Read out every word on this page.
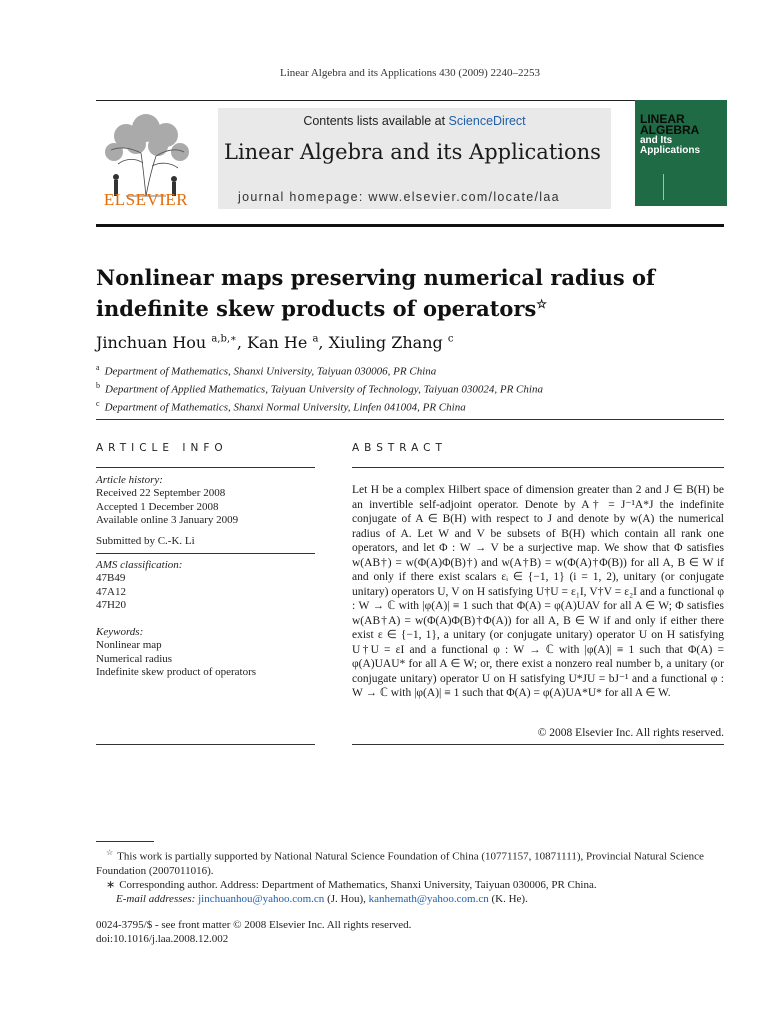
Linear Algebra and its Applications 430 (2009) 2240–2253
ELSEVIER
Contents lists available at ScienceDirect
Linear Algebra and its Applications
journal homepage: www.elsevier.com/locate/laa
LINEAR
ALGEBRA
and Its
Applications
Nonlinear maps preserving numerical radius of indefinite skew products of operators☆
Jinchuan Hou $^{a,b,∗}$, Kan He $^a$, Xiuling Zhang $^c$
$^a$ Department of Mathematics, Shanxi University, Taiyuan 030006, PR China
$^b$ Department of Applied Mathematics, Taiyuan University of Technology, Taiyuan 030024, PR China
$^c$ Department of Mathematics, Shanxi Normal University, Linfen 041004, PR China
ARTICLE INFO	ABSTRACT
Article history:
Received 22 September 2008
Accepted 1 December 2008
Available online 3 January 2009
Submitted by C.-K. Li
AMS classification:
47B49
47A12
47H20
Keywords:
Nonlinear map
Numerical radius
Indefinite skew product of operators
Let H be a complex Hilbert space of dimension greater than 2 and J ∈ B(H) be an invertible self-adjoint operator. Denote by A† = J⁻¹A*J the indefinite conjugate of A ∈ B(H) with respect to J and denote by w(A) the numerical radius of A. Let W and V be subsets of B(H) which contain all rank one operators, and let Φ : W → V be a surjective map. We show that Φ satisfies w(AB†) = w(Φ(A)Φ(B)†) and w(A†B) = w(Φ(A)†Φ(B)) for all A, B ∈ W if and only if there exist scalars εᵢ ∈ {−1, 1} (i = 1, 2), unitary (or conjugate unitary) operators U, V on H satisfying U†U = ε₁I, V†V = ε₂I and a functional φ : W → ℂ with |φ(A)| ≡ 1 such that Φ(A) = φ(A)UAV for all A ∈ W; Φ satisfies w(AB†A) = w(Φ(A)Φ(B)†Φ(A)) for all A, B ∈ W if and only if either there exist ε ∈ {−1, 1}, a unitary (or conjugate unitary) operator U on H satisfying U†U = εI and a functional φ : W → ℂ with |φ(A)| ≡ 1 such that Φ(A) = φ(A)UAU* for all A ∈ W; or, there exist a nonzero real number b, a unitary (or conjugate unitary) operator U on H satisfying U*JU = bJ⁻¹ and a functional φ : W → ℂ with |φ(A)| ≡ 1 such that Φ(A) = φ(A)UA*U* for all A ∈ W.
© 2008 Elsevier Inc. All rights reserved.
☆ This work is partially supported by National Natural Science Foundation of China (10771157, 10871111), Provincial Natural Science Foundation (2007011016).
∗ Corresponding author. Address: Department of Mathematics, Shanxi University, Taiyuan 030006, PR China.
E-mail addresses: jinchuanhou@yahoo.com.cn (J. Hou), kanhemath@yahoo.com.cn (K. He).
0024-3795/$ - see front matter © 2008 Elsevier Inc. All rights reserved.
doi:10.1016/j.laa.2008.12.002
